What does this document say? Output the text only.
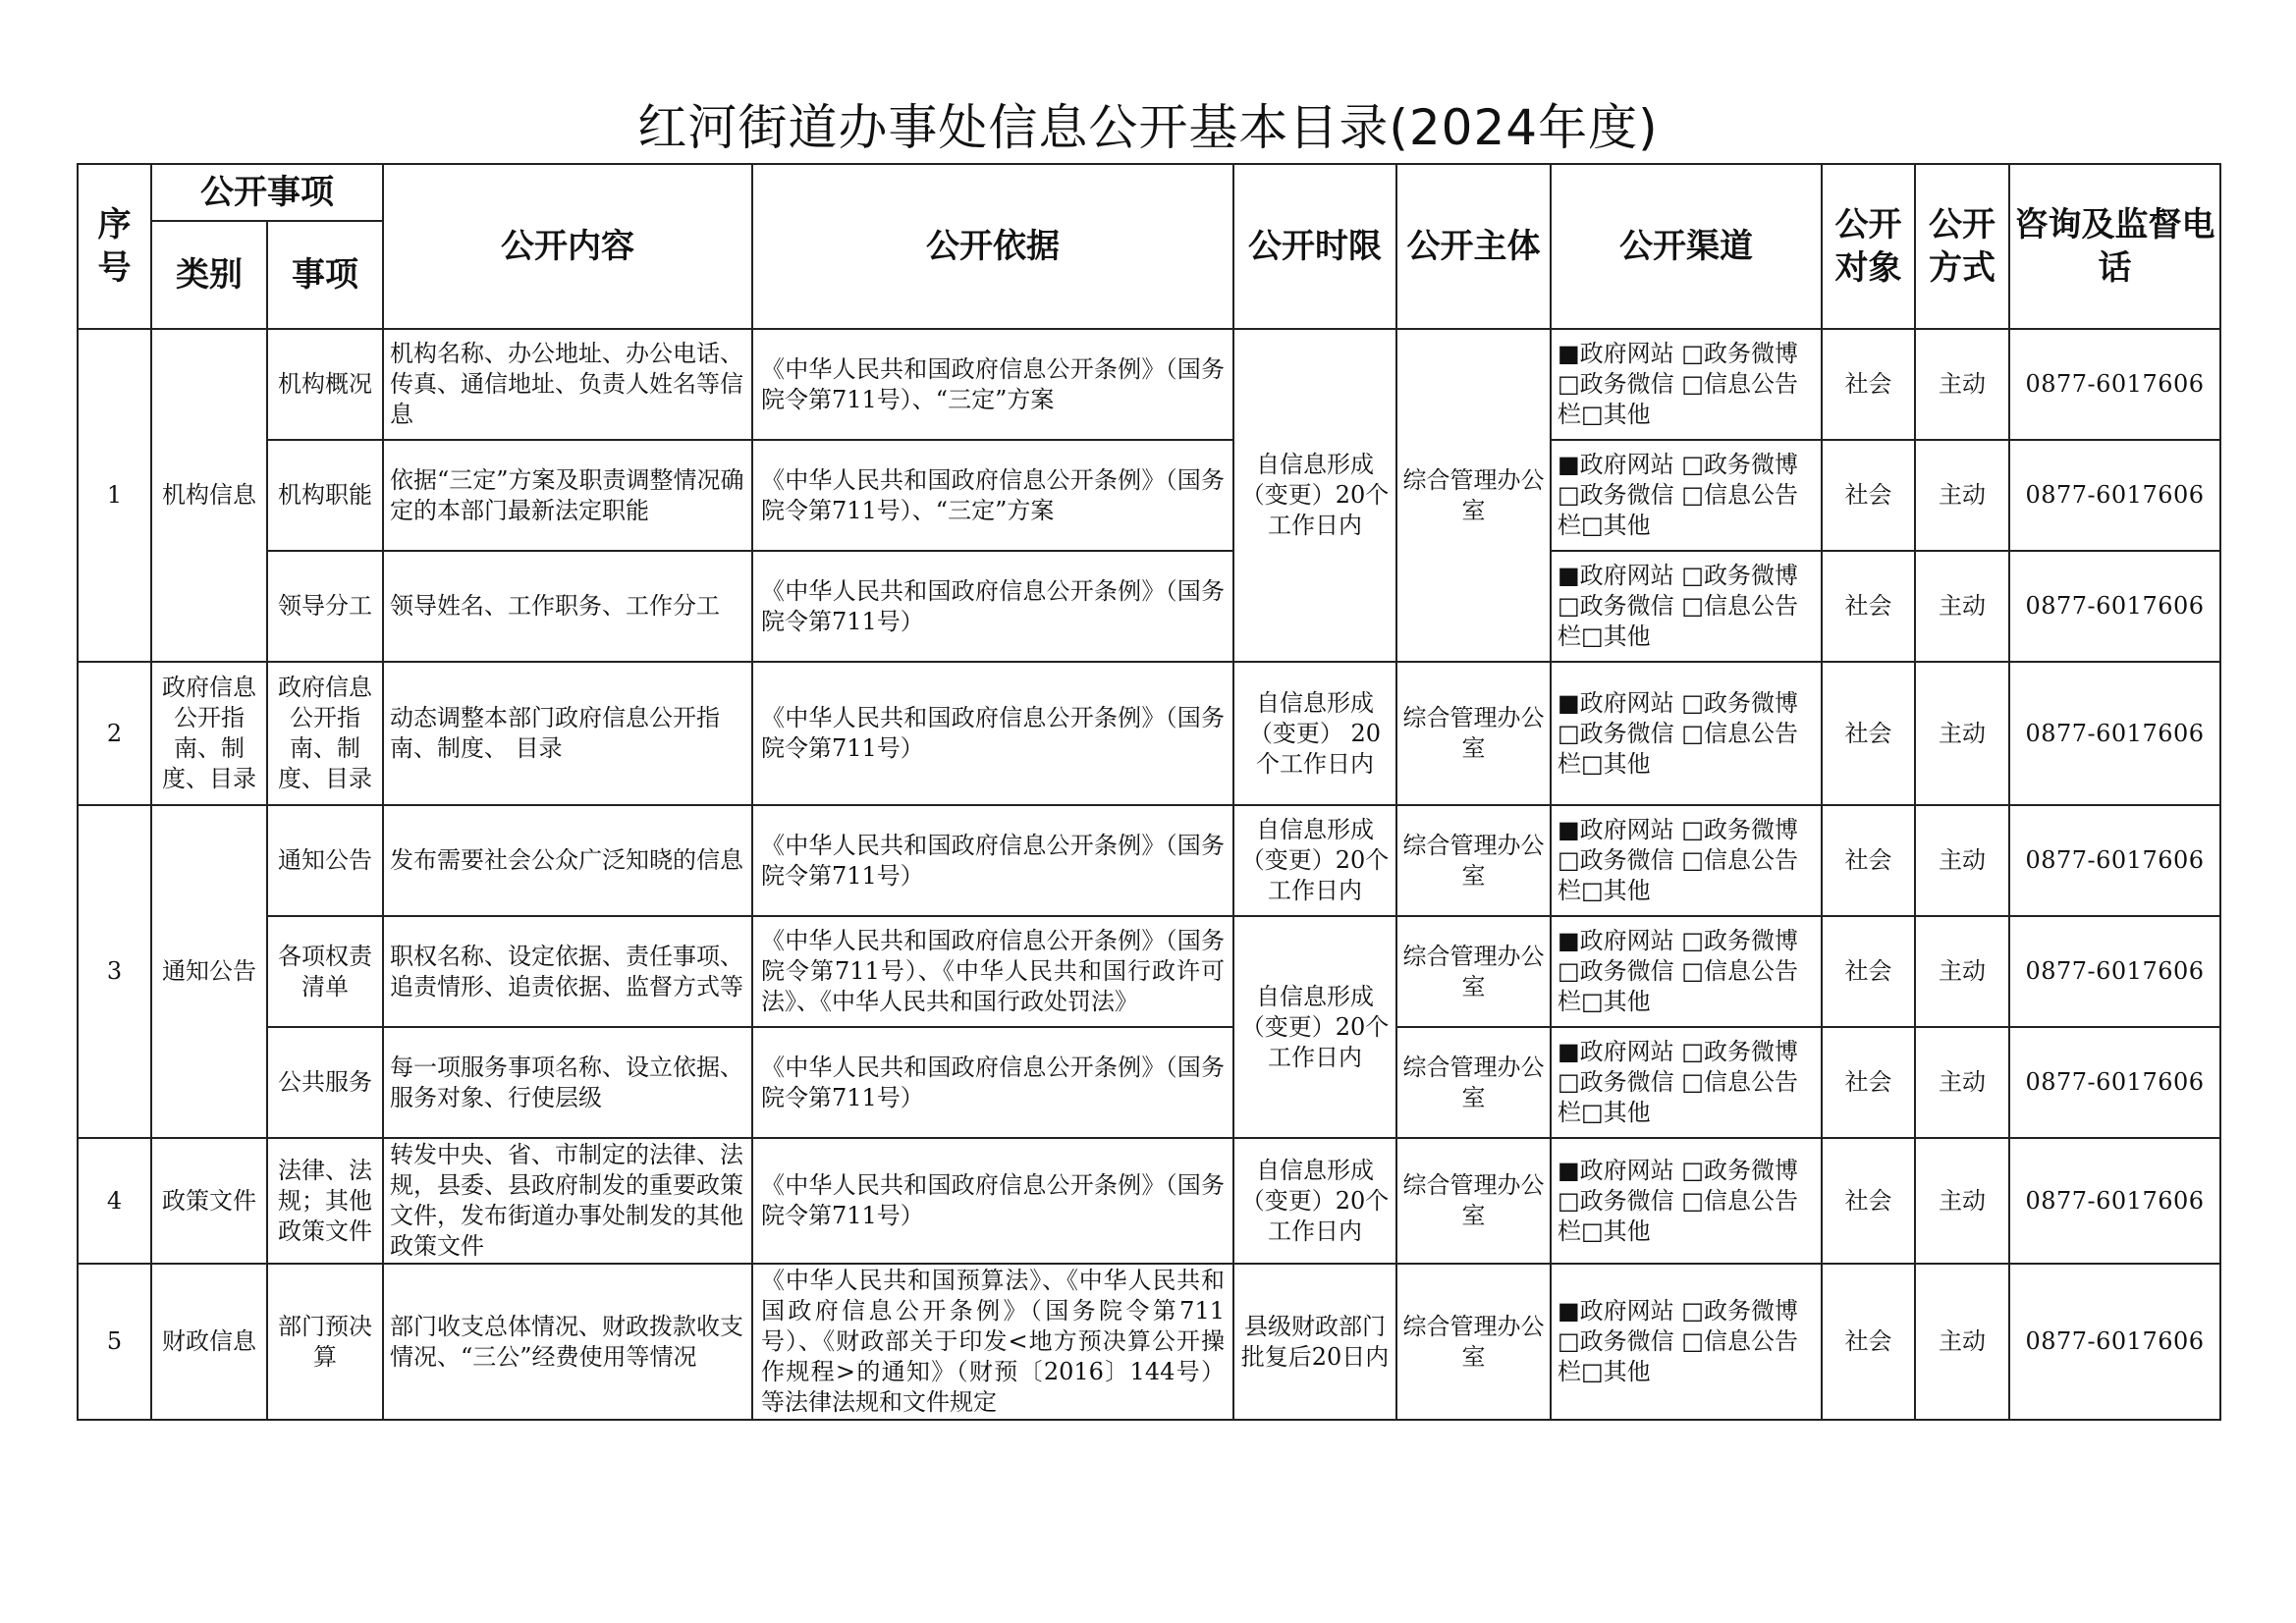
红河街道办事处信息公开基本目录(2024年度)
序号	公开事项		公开内容	公开依据	公开时限	公开主体	公开渠道	公开对象	公开方式	咨询及监督电话
	类别	事项								
1	机构信息	机构概况	机构名称、办公地址、办公电话、传真、通信地址、负责人姓名等信息	《中华人民共和国政府信息公开条例》（国务院令第711号）、“三定”方案	自信息形成（变更）20个工作日内	综合管理办公室	■政府网站 □政务微博□政务微信 □信息公告栏□其他	社会	主动	0877-6017606
		机构职能	依据“三定”方案及职责调整情况确定的本部门最新法定职能	《中华人民共和国政府信息公开条例》（国务院令第711号）、“三定”方案			■政府网站 □政务微博□政务微信 □信息公告栏□其他	社会	主动	0877-6017606
		领导分工	领导姓名、工作职务、工作分工	《中华人民共和国政府信息公开条例》（国务院令第711号）			■政府网站 □政务微博□政务微信 □信息公告栏□其他	社会	主动	0877-6017606
2	政府信息公开指南、制度、目录	政府信息公开指南、制度、目录	动态调整本部门政府信息公开指南、制度、 目录	《中华人民共和国政府信息公开条例》（国务院令第711号）	自信息形成（变更） 20个工作日内	综合管理办公室	■政府网站 □政务微博□政务微信 □信息公告栏□其他	社会	主动	0877-6017606
3	通知公告	通知公告	发布需要社会公众广泛知晓的信息	《中华人民共和国政府信息公开条例》（国务院令第711号）	自信息形成（变更）20个工作日内	综合管理办公室	■政府网站 □政务微博□政务微信 □信息公告栏□其他	社会	主动	0877-6017606
		各项权责清单	职权名称、设定依据、责任事项、追责情形、追责依据、监督方式等	《中华人民共和国政府信息公开条例》（国务院令第711号）、《中华人民共和国行政许可法》、《中华人民共和国行政处罚法》	自信息形成（变更）20个工作日内	综合管理办公室	■政府网站 □政务微博□政务微信 □信息公告栏□其他	社会	主动	0877-6017606
		公共服务	每一项服务事项名称、设立依据、服务对象、行使层级	《中华人民共和国政府信息公开条例》（国务院令第711号）		综合管理办公室	■政府网站 □政务微博□政务微信 □信息公告栏□其他	社会	主动	0877-6017606
4	政策文件	法律、法规；其他政策文件	转发中央、省、市制定的法律、法规，县委、县政府制发的重要政策文件，发布街道办事处制发的其他政策文件	《中华人民共和国政府信息公开条例》（国务院令第711号）	自信息形成（变更）20个工作日内	综合管理办公室	■政府网站 □政务微博□政务微信 □信息公告栏□其他	社会	主动	0877-6017606
5	财政信息	部门预决算	部门收支总体情况、财政拨款收支情况、“三公”经费使用等情况	《中华人民共和国预算法》、《中华人民共和国政府信息公开条例》（国务院令第711号）、《财政部关于印发<地方预决算公开操作规程>的通知》（财预〔2016〕144号）等法律法规和文件规定	县级财政部门批复后20日内	综合管理办公室	■政府网站 □政务微博□政务微信 □信息公告栏□其他	社会	主动	0877-6017606
